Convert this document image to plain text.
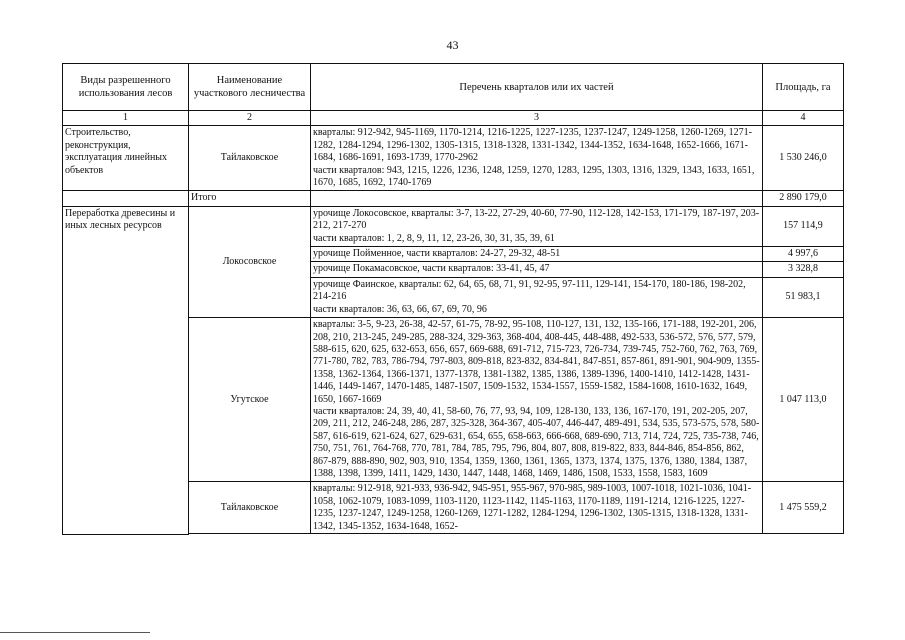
43
Виды разрешенного использования лесов	Наименование участкового лесничества	Перечень кварталов или их частей	Площадь, га	
1	2	3	4	
Строительство, реконструкция, эксплуатация линейных объектов	Тайлаковское	кварталы: 912-942, 945-1169, 1170-1214, 1216-1225, 1227-1235, 1237-1247, 1249-1258, 1260-1269, 1271-1282, 1284-1294, 1296-1302, 1305-1315, 1318-1328, 1331-1342, 1344-1352, 1634-1648, 1652-1666, 1671-1684, 1686-1691, 1693-1739, 1770-2962
части кварталов: 943, 1215, 1226, 1236, 1248, 1259, 1270, 1283, 1295, 1303, 1316, 1329, 1343, 1633, 1651, 1670, 1685, 1692, 1740-1769	1 530 246,0	
	Итого		2 890 179,0	
Переработка древесины и иных лесных ресурсов	Локосовское	урочище Локосовское, кварталы: 3-7, 13-22, 27-29, 40-60, 77-90, 112-128, 142-153, 171-179, 187-197, 203-212, 217-270
части кварталов: 1, 2, 8, 9, 11, 12, 23-26, 30, 31, 35, 39, 61	157 114,9	
		урочище Пойменное, части кварталов: 24-27, 29-32, 48-51	4 997,6	
		урочище Покамасовское, части кварталов: 33-41, 45, 47	3 328,8	

		урочище Фаинское, кварталы: 62, 64, 65, 68, 71, 91, 92-95, 97-111, 129-141, 154-170, 180-186, 198-202, 214-216
части кварталов: 36, 63, 66, 67, 69, 70, 96	51 983,1	
	Угутское	кварталы: 3-5, 9-23, 26-38, 42-57, 61-75, 78-92, 95-108, 110-127, 131, 132, 135-166, 171-188, 192-201, 206, 208, 210, 213-245, 249-285, 288-324, 329-363, 368-404, 408-445, 448-488, 492-533, 536-572, 576, 577, 579, 588-615, 620, 625, 632-653, 656, 657, 669-688, 691-712, 715-723, 726-734, 739-745, 752-760, 762, 763, 769, 771-780, 782, 783, 786-794, 797-803, 809-818, 823-832, 834-841, 847-851, 857-861, 891-901, 904-909, 1355-1358, 1362-1364, 1366-1371, 1377-1378, 1381-1382, 1385, 1386, 1389-1396, 1400-1410, 1412-1428, 1431-1446, 1449-1467, 1470-1485, 1487-1507, 1509-1532, 1534-1557, 1559-1582, 1584-1608, 1610-1632, 1649, 1650, 1667-1669
части кварталов: 24, 39, 40, 41, 58-60, 76, 77, 93, 94, 109, 128-130, 133, 136, 167-170, 191, 202-205, 207, 209, 211, 212, 246-248, 286, 287, 325-328, 364-367, 405-407, 446-447, 489-491, 534, 535, 573-575, 578, 580-587, 616-619, 621-624, 627, 629-631, 654, 655, 658-663, 666-668, 689-690, 713, 714, 724, 725, 735-738, 746, 750, 751, 761, 764-768, 770, 781, 784, 785, 795, 796, 804, 807, 808, 819-822, 833, 844-846, 854-856, 862, 867-879, 888-890, 902, 903, 910, 1354, 1359, 1360, 1361, 1365, 1373, 1374, 1375, 1376, 1380, 1384, 1387, 1388, 1398, 1399, 1411, 1429, 1430, 1447, 1448, 1468, 1469, 1486, 1508, 1533, 1558, 1583, 1609	1 047 113,0	
	Тайлаковское	кварталы: 912-918, 921-933, 936-942, 945-951, 955-967, 970-985, 989-1003, 1007-1018, 1021-1036, 1041-1058, 1062-1079, 1083-1099, 1103-1120, 1123-1142, 1145-1163, 1170-1189, 1191-1214, 1216-1225, 1227-1235, 1237-1247, 1249-1258, 1260-1269, 1271-1282, 1284-1294, 1296-1302, 1305-1315, 1318-1328, 1331-1342, 1345-1352, 1634-1648, 1652-	1 475 559,2	
